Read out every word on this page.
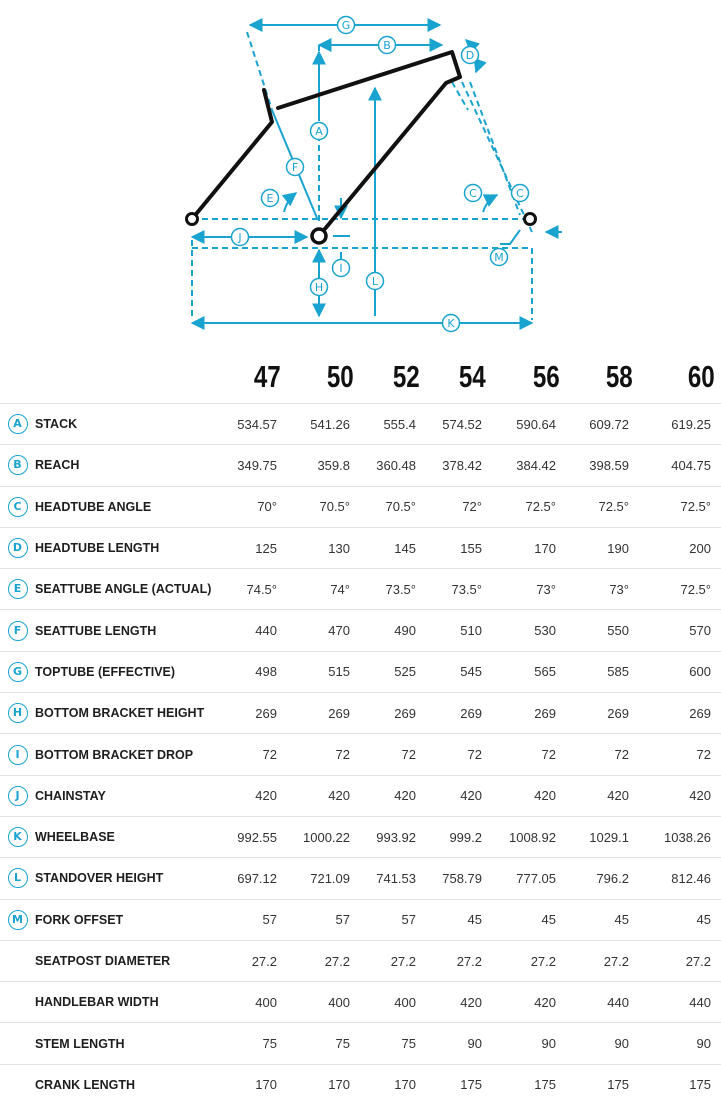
A
B
C	C
D
E
F
G
H
I
J
K
L
M
		47	50	52	54	56	58	60
A	STACK	534.57	541.26	555.4	574.52	590.64	609.72	619.25
B	REACH	349.75	359.8	360.48	378.42	384.42	398.59	404.75
C	HEADTUBE ANGLE	70°	70.5°	70.5°	72°	72.5°	72.5°	72.5°
D	HEADTUBE LENGTH	125	130	145	155	170	190	200
E	SEATTUBE ANGLE (ACTUAL)	74.5°	74°	73.5°	73.5°	73°	73°	72.5°
F	SEATTUBE LENGTH	440	470	490	510	530	550	570
G	TOPTUBE (EFFECTIVE)	498	515	525	545	565	585	600
H	BOTTOM BRACKET HEIGHT	269	269	269	269	269	269	269
I	BOTTOM BRACKET DROP	72	72	72	72	72	72	72
J	CHAINSTAY	420	420	420	420	420	420	420
K	WHEELBASE	992.55	1000.22	993.92	999.2	1008.92	1029.1	1038.26
L	STANDOVER HEIGHT	697.12	721.09	741.53	758.79	777.05	796.2	812.46
M	FORK OFFSET	57	57	57	45	45	45	45
	SEATPOST DIAMETER	27.2	27.2	27.2	27.2	27.2	27.2	27.2
	HANDLEBAR WIDTH	400	400	400	420	420	440	440
	STEM LENGTH	75	75	75	90	90	90	90
	CRANK LENGTH	170	170	170	175	175	175	175
